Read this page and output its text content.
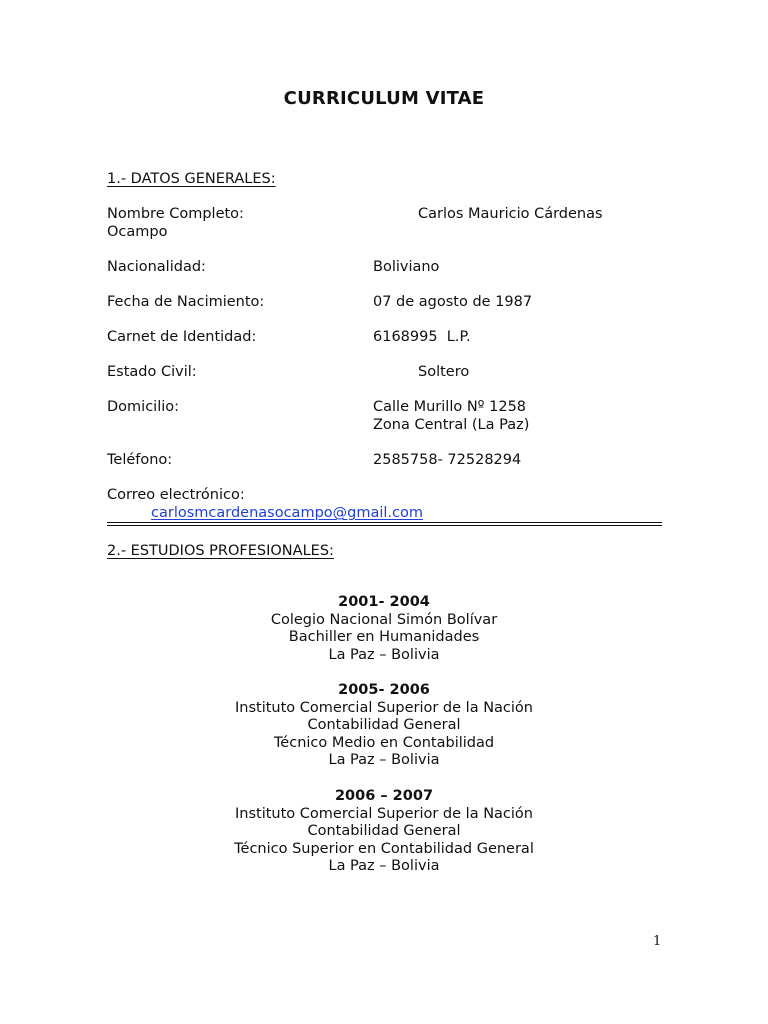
CURRICULUM VITAE
1.- DATOS GENERALES:
Nombre Completo:	Carlos Mauricio Cárdenas
Ocampo
Nacionalidad:	Boliviano
Fecha de Nacimiento:	07 de agosto de 1987
Carnet de Identidad:	6168995  L.P.
Estado Civil:	Soltero
Domicilio:	Calle Murillo Nº 1258
Zona Central (La Paz)
Teléfono:	2585758- 72528294
Correo electrónico:
carlosmcardenasocampo@gmail.com
2.- ESTUDIOS PROFESIONALES:
2001- 2004
Colegio Nacional Simón Bolívar
Bachiller en Humanidades
La Paz – Bolivia
2005- 2006
Instituto Comercial Superior de la Nación
Contabilidad General
Técnico Medio en Contabilidad
La Paz – Bolivia
2006 – 2007
Instituto Comercial Superior de la Nación
Contabilidad General
Técnico Superior en Contabilidad General
La Paz – Bolivia
1
